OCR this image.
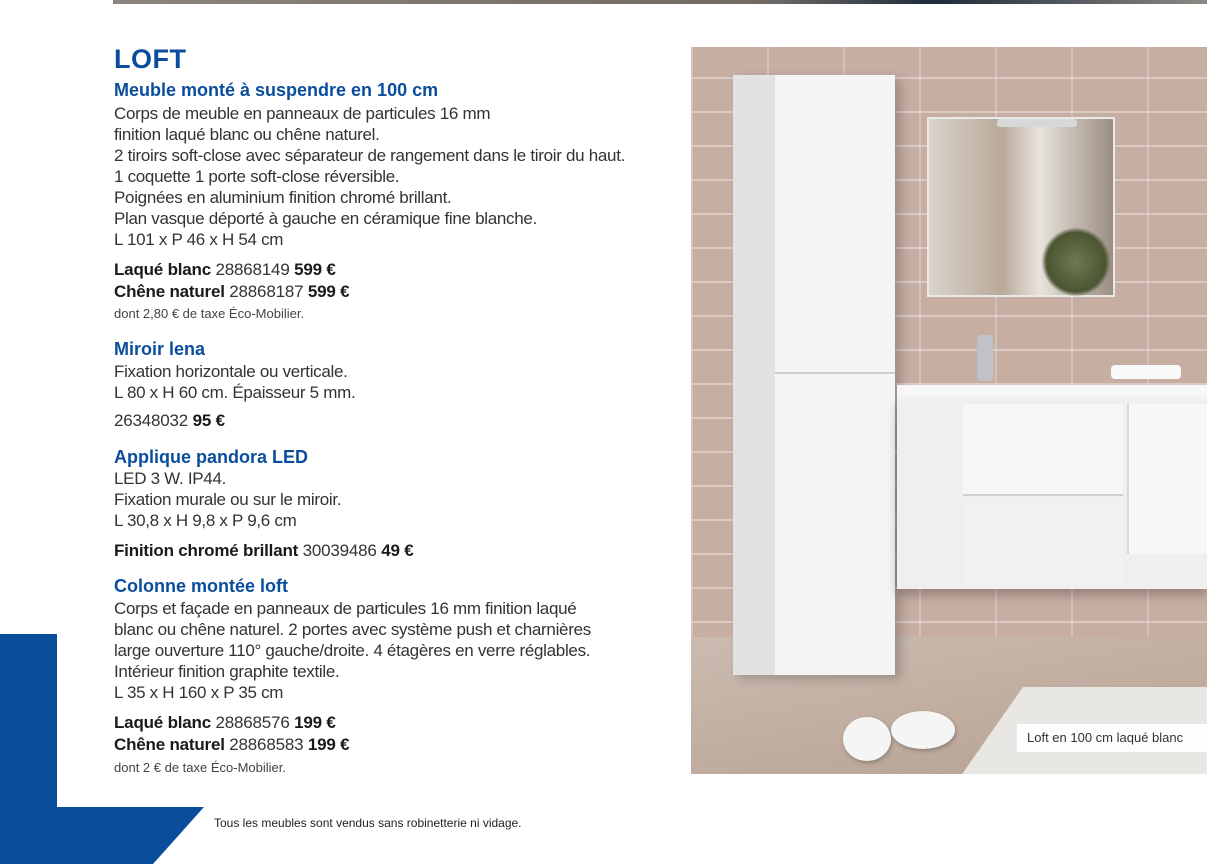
LOFT
Meuble monté à suspendre en 100 cm
Corps de meuble en panneaux de particules 16 mm
finition laqué blanc ou chêne naturel.
2 tiroirs soft-close avec séparateur de rangement dans le tiroir du haut.
1 coquette 1 porte soft-close réversible.
Poignées en aluminium finition chromé brillant.
Plan vasque déporté à gauche en céramique fine blanche.
L 101 x P 46 x H 54 cm
Laqué blanc 28868149 599 €
Chêne naturel 28868187 599 €
dont 2,80 € de taxe Éco-Mobilier.
Miroir lena
Fixation horizontale ou verticale.
L 80 x H 60 cm. Épaisseur 5 mm.
26348032 95 €
Applique pandora LED
LED 3 W. IP44.
Fixation murale ou sur le miroir.
L 30,8 x H 9,8 x P 9,6 cm
Finition chromé brillant 30039486 49 €
Colonne montée loft
Corps et façade en panneaux de particules 16 mm finition laqué
blanc ou chêne naturel. 2 portes avec système push et charnières
large ouverture 110° gauche/droite. 4 étagères en verre réglables.
Intérieur finition graphite textile.
L 35 x H 160 x P 35 cm
Laqué blanc 28868576 199 €
Chêne naturel 28868583 199 €
dont 2 € de taxe Éco-Mobilier.
Tous les meubles sont vendus sans robinetterie ni vidage.
Loft en 100 cm laqué blanc
